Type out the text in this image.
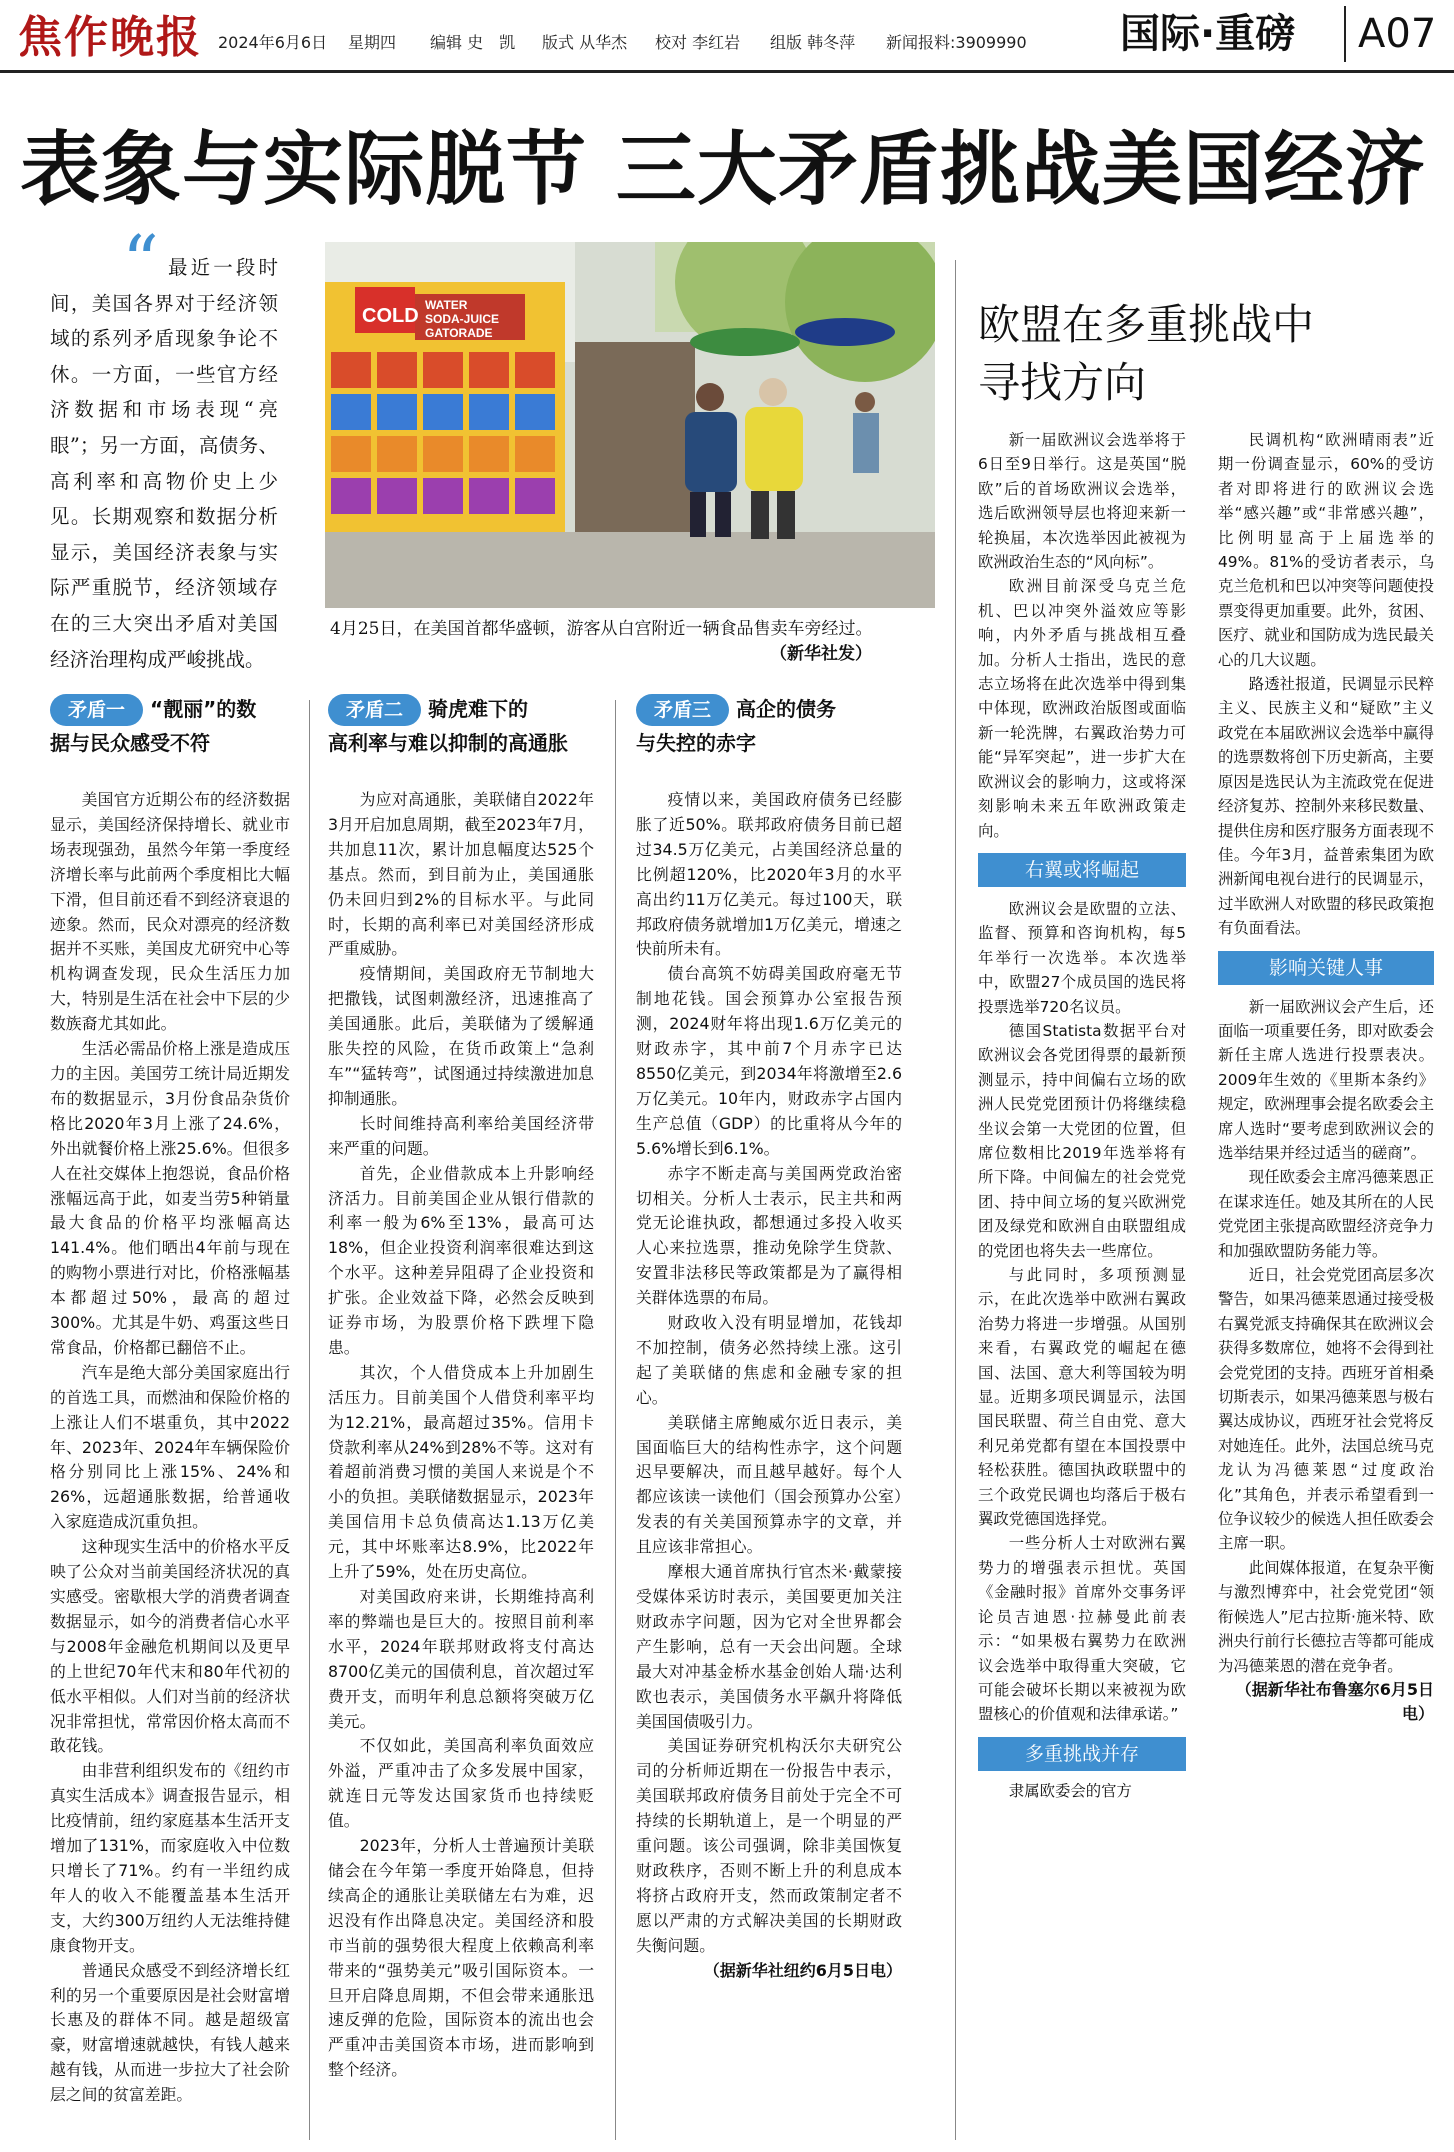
焦作晚报 2024年6月6日 星期四 编辑 史　凯 版式 从华杰 校对 李红岩 组版 韩冬萍 新闻报料:3909990 国际·重磅	A07
表象与实际脱节 三大矛盾挑战美国经济
“ 最近一段时间，美国各界对于经济领域的系列矛盾现象争论不休。一方面，一些官方经济数据和市场表现“亮眼”；另一方面，高债务、高利率和高物价史上少见。长期观察和数据分析显示，美国经济表象与实际严重脱节，经济领域存在的三大突出矛盾对美国经济治理构成严峻挑战。
COLD WATER
SODA-JUICE
GATORADE
4月25日，在美国首都华盛顿，游客从白宫附近一辆食品售卖车旁经过。
（新华社发）
矛盾一 “靓丽”的数
据与民众感受不符

美国官方近期公布的经济数据显示，美国经济保持增长、就业市场表现强劲，虽然今年第一季度经济增长率与此前两个季度相比大幅下滑，但目前还看不到经济衰退的迹象。然而，民众对漂亮的经济数据并不买账，美国皮尤研究中心等机构调查发现，民众生活压力加大，特别是生活在社会中下层的少数族裔尤其如此。

生活必需品价格上涨是造成压力的主因。美国劳工统计局近期发布的数据显示，3月份食品杂货价格比2020年3月上涨了24.6%，外出就餐价格上涨25.6%。但很多人在社交媒体上抱怨说，食品价格涨幅远高于此，如麦当劳5种销量最大食品的价格平均涨幅高达141.4%。他们晒出4年前与现在的购物小票进行对比，价格涨幅基本都超过50%，最高的超过300%。尤其是牛奶、鸡蛋这些日常食品，价格都已翻倍不止。

汽车是绝大部分美国家庭出行的首选工具，而燃油和保险价格的上涨让人们不堪重负，其中2022年、2023年、2024年车辆保险价格分别同比上涨15%、24%和26%，远超通胀数据，给普通收入家庭造成沉重负担。

这种现实生活中的价格水平反映了公众对当前美国经济状况的真实感受。密歇根大学的消费者调查数据显示，如今的消费者信心水平与2008年金融危机期间以及更早的上世纪70年代末和80年代初的低水平相似。人们对当前的经济状况非常担忧，常常因价格太高而不敢花钱。

由非营利组织发布的《纽约市真实生活成本》调查报告显示，相比疫情前，纽约家庭基本生活开支增加了131%，而家庭收入中位数只增长了71%。约有一半纽约成年人的收入不能覆盖基本生活开支，大约300万纽约人无法维持健康食物开支。

普通民众感受不到经济增长红利的另一个重要原因是社会财富增长惠及的群体不同。越是超级富豪，财富增速就越快，有钱人越来越有钱，从而进一步拉大了社会阶层之间的贫富差距。

矛盾二 骑虎难下的
高利率与难以抑制的高通胀

为应对高通胀，美联储自2022年3月开启加息周期，截至2023年7月，共加息11次，累计加息幅度达525个基点。然而，到目前为止，美国通胀仍未回归到2%的目标水平。与此同时，长期的高利率已对美国经济形成严重威胁。

疫情期间，美国政府无节制地大把撒钱，试图刺激经济，迅速推高了美国通胀。此后，美联储为了缓解通胀失控的风险，在货币政策上“急刹车”“猛转弯”，试图通过持续激进加息抑制通胀。

长时间维持高利率给美国经济带来严重的问题。

首先，企业借款成本上升影响经济活力。目前美国企业从银行借款的利率一般为6%至13%，最高可达18%，但企业投资利润率很难达到这个水平。这种差异阻碍了企业投资和扩张。企业效益下降，必然会反映到证券市场，为股票价格下跌埋下隐患。

其次，个人借贷成本上升加剧生活压力。目前美国个人借贷利率平均为12.21%，最高超过35%。信用卡贷款利率从24%到28%不等。这对有着超前消费习惯的美国人来说是个不小的负担。美联储数据显示，2023年美国信用卡总负债高达1.13万亿美元，其中坏账率达8.9%，比2022年上升了59%，处在历史高位。

对美国政府来讲，长期维持高利率的弊端也是巨大的。按照目前利率水平，2024年联邦财政将支付高达8700亿美元的国债利息，首次超过军费开支，而明年利息总额将突破万亿美元。

不仅如此，美国高利率负面效应外溢，严重冲击了众多发展中国家，就连日元等发达国家货币也持续贬值。

2023年，分析人士普遍预计美联储会在今年第一季度开始降息，但持续高企的通胀让美联储左右为难，迟迟没有作出降息决定。美国经济和股市当前的强势很大程度上依赖高利率带来的“强势美元”吸引国际资本。一旦开启降息周期，不但会带来通胀迅速反弹的危险，国际资本的流出也会严重冲击美国资本市场，进而影响到整个经济。

矛盾三 高企的债务
与失控的赤字

疫情以来，美国政府债务已经膨胀了近50%。联邦政府债务目前已超过34.5万亿美元，占美国经济总量的比例超120%，比2020年3月的水平高出约11万亿美元。每过100天，联邦政府债务就增加1万亿美元，增速之快前所未有。

债台高筑不妨碍美国政府毫无节制地花钱。国会预算办公室报告预测，2024财年将出现1.6万亿美元的财政赤字，其中前7个月赤字已达8550亿美元，到2034年将激增至2.6万亿美元。10年内，财政赤字占国内生产总值（GDP）的比重将从今年的5.6%增长到6.1%。

赤字不断走高与美国两党政治密切相关。分析人士表示，民主共和两党无论谁执政，都想通过多投入收买人心来拉选票，推动免除学生贷款、安置非法移民等政策都是为了赢得相关群体选票的布局。

财政收入没有明显增加，花钱却不加控制，债务必然持续上涨。这引起了美联储的焦虑和金融专家的担心。

美联储主席鲍威尔近日表示，美国面临巨大的结构性赤字，这个问题迟早要解决，而且越早越好。每个人都应该读一读他们（国会预算办公室）发表的有关美国预算赤字的文章，并且应该非常担心。

摩根大通首席执行官杰米·戴蒙接受媒体采访时表示，美国要更加关注财政赤字问题，因为它对全世界都会产生影响，总有一天会出问题。全球最大对冲基金桥水基金创始人瑞·达利欧也表示，美国债务水平飙升将降低美国国债吸引力。

美国证券研究机构沃尔夫研究公司的分析师近期在一份报告中表示，美国联邦政府债务目前处于完全不可持续的长期轨道上，是一个明显的严重问题。该公司强调，除非美国恢复财政秩序，否则不断上升的利息成本将挤占政府开支，然而政策制定者不愿以严肃的方式解决美国的长期财政失衡问题。

（据新华社纽约6月5日电）
欧盟在多重挑战中
寻找方向

新一届欧洲议会选举将于6日至9日举行。这是英国“脱欧”后的首场欧洲议会选举，选后欧洲领导层也将迎来新一轮换届，本次选举因此被视为欧洲政治生态的“风向标”。

欧洲目前深受乌克兰危机、巴以冲突外溢效应等影响，内外矛盾与挑战相互叠加。分析人士指出，选民的意志立场将在此次选举中得到集中体现，欧洲政治版图或面临新一轮洗牌，右翼政治势力可能“异军突起”，进一步扩大在欧洲议会的影响力，这或将深刻影响未来五年欧洲政策走向。

右翼或将崛起

欧洲议会是欧盟的立法、监督、预算和咨询机构，每5年举行一次选举。本次选举中，欧盟27个成员国的选民将投票选举720名议员。

德国Statista数据平台对欧洲议会各党团得票的最新预测显示，持中间偏右立场的欧洲人民党党团预计仍将继续稳坐议会第一大党团的位置，但席位数相比2019年选举将有所下降。中间偏左的社会党党团、持中间立场的复兴欧洲党团及绿党和欧洲自由联盟组成的党团也将失去一些席位。

与此同时，多项预测显示，在此次选举中欧洲右翼政治势力将进一步增强。从国别来看，右翼政党的崛起在德国、法国、意大利等国较为明显。近期多项民调显示，法国国民联盟、荷兰自由党、意大利兄弟党都有望在本国投票中轻松获胜。德国执政联盟中的三个政党民调也均落后于极右翼政党德国选择党。

一些分析人士对欧洲右翼势力的增强表示担忧。英国《金融时报》首席外交事务评论员吉迪恩·拉赫曼此前表示：“如果极右翼势力在欧洲议会选举中取得重大突破，它可能会破坏长期以来被视为欧盟核心的价值观和法律承诺。”

多重挑战并存

隶属欧委会的官方

民调机构“欧洲晴雨表”近期一份调查显示，60%的受访者对即将进行的欧洲议会选举“感兴趣”或“非常感兴趣”，比例明显高于上届选举的49%。81%的受访者表示，乌克兰危机和巴以冲突等问题使投票变得更加重要。此外，贫困、医疗、就业和国防成为选民最关心的几大议题。

路透社报道，民调显示民粹主义、民族主义和“疑欧”主义政党在本届欧洲议会选举中赢得的选票数将创下历史新高，主要原因是选民认为主流政党在促进经济复苏、控制外来移民数量、提供住房和医疗服务方面表现不佳。今年3月，益普索集团为欧洲新闻电视台进行的民调显示，过半欧洲人对欧盟的移民政策抱有负面看法。

影响关键人事

新一届欧洲议会产生后，还面临一项重要任务，即对欧委会新任主席人选进行投票表决。2009年生效的《里斯本条约》规定，欧洲理事会提名欧委会主席人选时“要考虑到欧洲议会的选举结果并经过适当的磋商”。

现任欧委会主席冯德莱恩正在谋求连任。她及其所在的人民党党团主张提高欧盟经济竞争力和加强欧盟防务能力等。

近日，社会党党团高层多次警告，如果冯德莱恩通过接受极右翼党派支持确保其在欧洲议会获得多数席位，她将不会得到社会党党团的支持。西班牙首相桑切斯表示，如果冯德莱恩与极右翼达成协议，西班牙社会党将反对她连任。此外，法国总统马克龙认为冯德莱恩“过度政治化”其角色，并表示希望看到一位争议较少的候选人担任欧委会主席一职。

此间媒体报道，在复杂平衡与激烈博弈中，社会党党团“领衔候选人”尼古拉斯·施米特、欧洲央行前行长德拉吉等都可能成为冯德莱恩的潜在竞争者。

（据新华社布鲁塞尔6月5日电）
